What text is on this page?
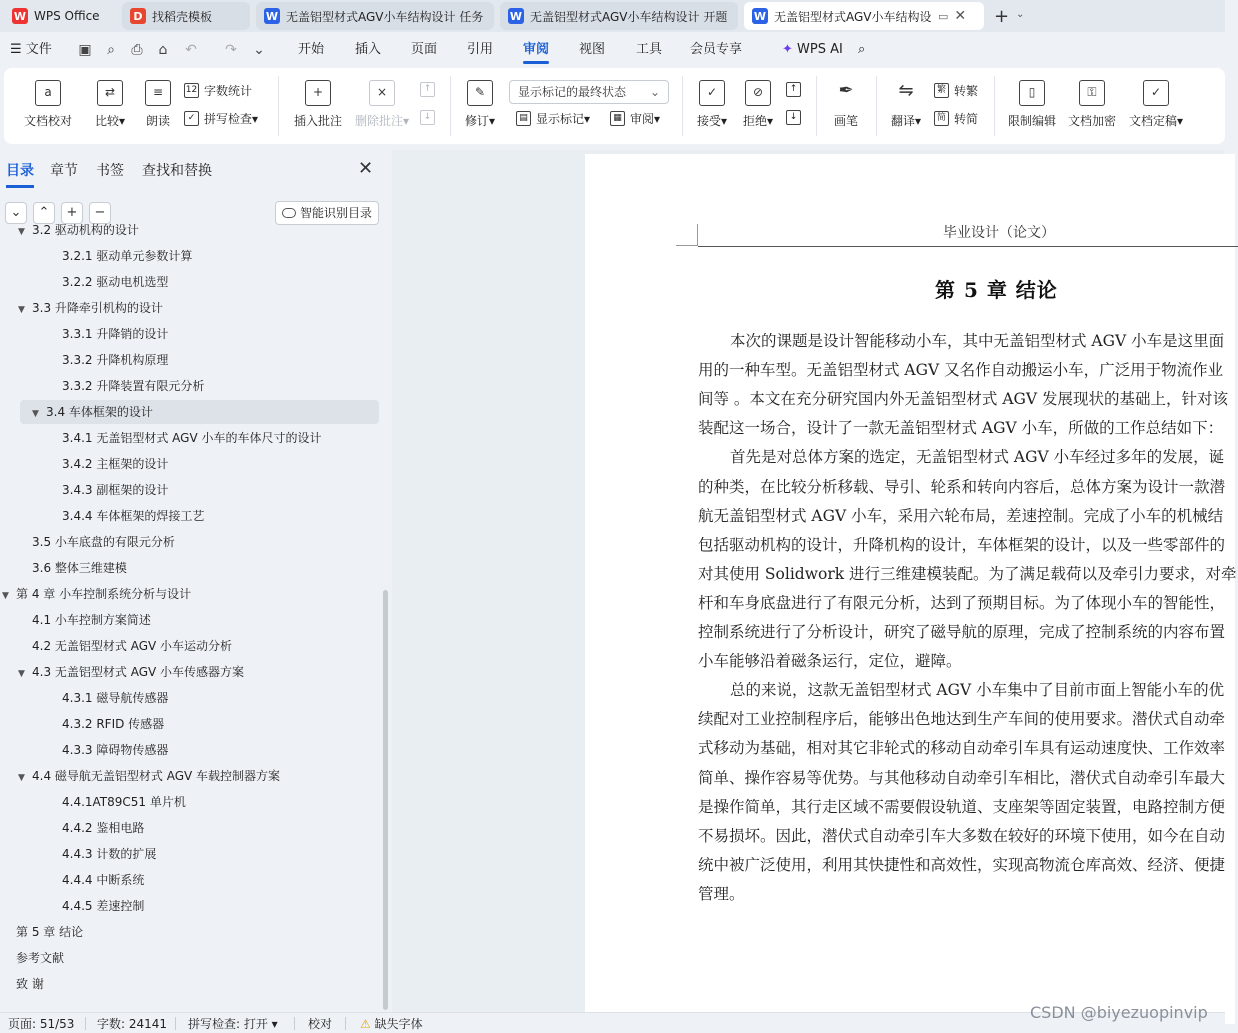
W WPS Office	D 找稻壳模板	W 无盖铝型材式AGV小车结构设计 任务 W 无盖铝型材式AGV小车结构设计 开题 W 无盖铝型材式AGV小车结构设 ▭ ✕ + ⌄
☰ 文件 ▣	⌕	⎙	⌂	↶ ↷ ⌄	开始 插入 页面 引用 审阅 视图 工具 会员专享	✦ WPS AI ⌕
a
文档校对
⇄
比较▾
≡
朗读
12 字数统计
✓ 拼写检查 ▾
+
插入批注
×
删除批注▾
↑
↓
✎
修订▾
显示标记的最终状态 ⌄
▤ 显示标记 ▾	▦ 审阅 ▾
✓
接受▾
⊘
拒绝▾
↑
↓
✒
画笔
⇋
翻译▾
繁 转繁
简 转简
▯
限制编辑
⚿
文档加密
✓
文档定稿▾
目录 章节 书签 查找和替换	✕
⌄	⌃	+	−	智能识别目录
▼ 3.2 驱动机构的设计
3.2.1 驱动单元参数计算
3.2.2 驱动电机选型
▼ 3.3 升降牵引机构的设计
3.3.1 升降销的设计
3.3.2 升降机构原理
3.3.2 升降装置有限元分析
▼ 3.4 车体框架的设计
3.4.1 无盖铝型材式 AGV 小车的车体尺寸的设计
3.4.2 主框架的设计
3.4.3 副框架的设计
3.4.4 车体框架的焊接工艺
3.5 小车底盘的有限元分析
3.6 整体三维建模
▼ 第 4 章 小车控制系统分析与设计
4.1 小车控制方案简述
4.2 无盖铝型材式 AGV 小车运动分析
▼ 4.3 无盖铝型材式 AGV 小车传感器方案
4.3.1 磁导航传感器
4.3.2 RFID 传感器
4.3.3 障碍物传感器
▼ 4.4 磁导航无盖铝型材式 AGV 车载控制器方案
4.4.1AT89C51 单片机
4.4.2 鉴相电路
4.4.3 计数的扩展
4.4.4 中断系统
4.4.5 差速控制
第 5 章 结论
参考文献
致 谢
毕业设计（论文）
第 5 章 结论
本次的课题是设计智能移动小车，其中无盖铝型材式 AGV 小车是这里面
用的一种车型。无盖铝型材式 AGV 又名作自动搬运小车，广泛用于物流作业
间等 。本文在充分研究国内外无盖铝型材式 AGV 发展现状的基础上，针对该
装配这一场合，设计了一款无盖铝型材式 AGV 小车，所做的工作总结如下：
首先是对总体方案的选定，无盖铝型材式 AGV 小车经过多年的发展，诞
的种类，在比较分析移载、导引、轮系和转向内容后，总体方案为设计一款潜
航无盖铝型材式 AGV 小车，采用六轮布局，差速控制。完成了小车的机械结
包括驱动机构的设计，升降机构的设计，车体框架的设计，以及一些零部件的
对其使用 Solidwork 进行三维建模装配。为了满足载荷以及牵引力要求，对牵
杆和车身底盘进行了有限元分析，达到了预期目标。为了体现小车的智能性，
控制系统进行了分析设计，研究了磁导航的原理，完成了控制系统的内容布置
小车能够沿着磁条运行，定位，避障。
总的来说，这款无盖铝型材式 AGV 小车集中了目前市面上智能小车的优
续配对工业控制程序后，能够出色地达到生产车间的使用要求。潜伏式自动牵
式移动为基础，相对其它非轮式的移动自动牵引车具有运动速度快、工作效率
简单、操作容易等优势。与其他移动自动牵引车相比，潜伏式自动牵引车最大
是操作简单，其行走区域不需要假设轨道、支座架等固定装置，电路控制方便
不易损坏。因此，潜伏式自动牵引车大多数在较好的环境下使用，如今在自动
统中被广泛使用，利用其快捷性和高效性，实现高物流仓库高效、经济、便捷
管理。
页面: 51/53 字数: 24141 拼写检查: 打开 ▾	校对 ⚠ 缺失字体
CSDN @biyezuopinvip
